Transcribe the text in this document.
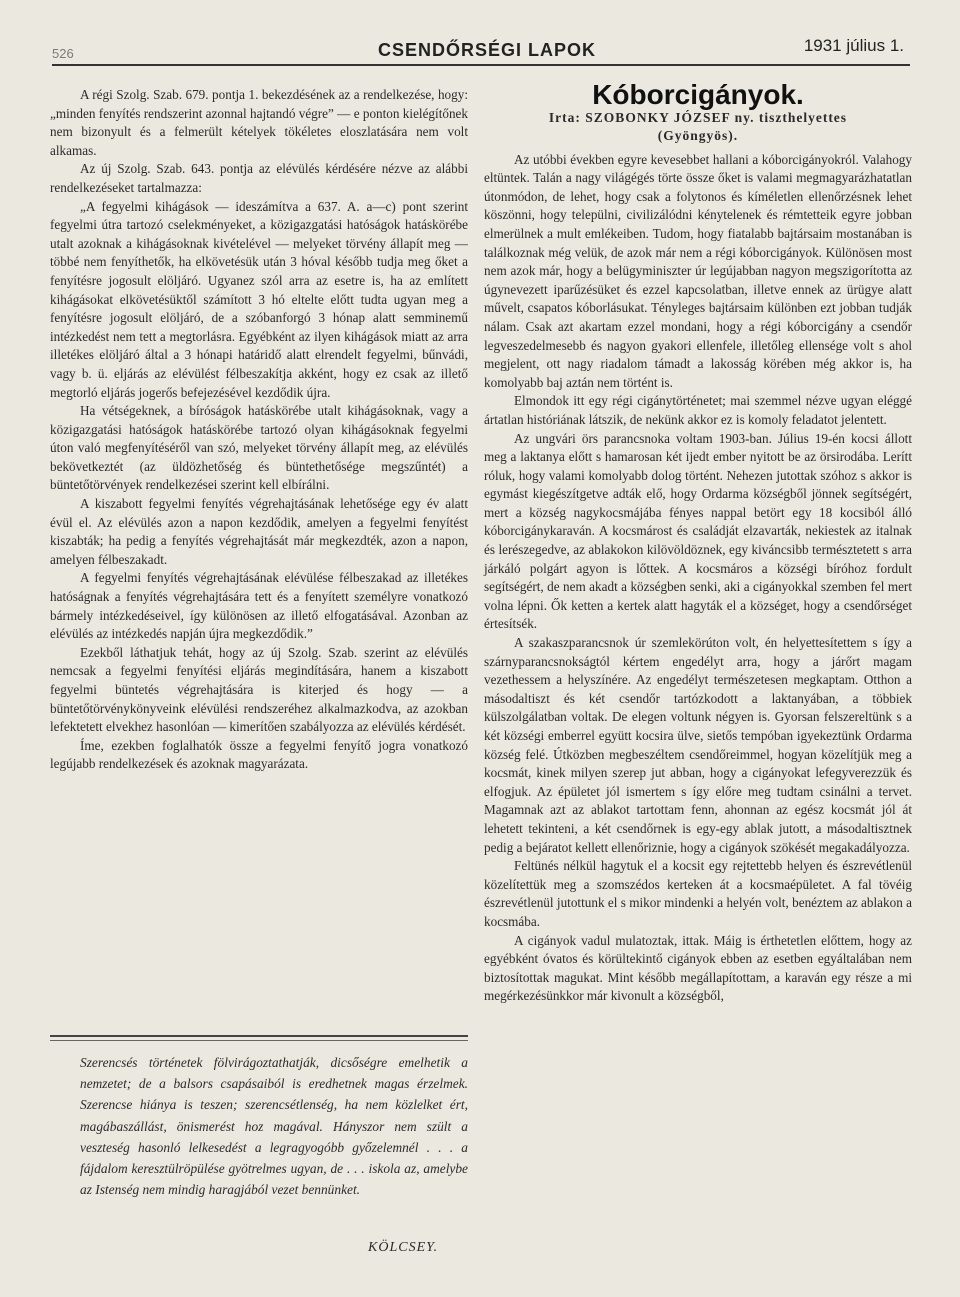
526	CSENDŐRSÉGI LAPOK	1931 július 1.

A régi Szolg. Szab. 679. pontja 1. bekezdésének az a rendelkezése, hogy: „minden fenyítés rendszerint azonnal hajtandó végre” — e ponton kielégítőnek nem bizonyult és a felmerült kételyek tökéletes eloszlatására nem volt alkamas.

Az új Szolg. Szab. 643. pontja az elévülés kérdésére nézve az alábbi rendelkezéseket tartalmazza:

„A fegyelmi kihágások — ideszámítva a 637. A. a—c) pont szerint fegyelmi útra tartozó cselekményeket, a közigazgatási hatóságok hatáskörébe utalt azoknak a kihágásoknak kivételével — melyeket törvény állapít meg — többé nem fenyíthetők, ha elkövetésük után 3 hóval később tudja meg őket a fenyítésre jogosult elöljáró. Ugyanez szól arra az esetre is, ha az említett kihágásokat elkövetésüktől számított 3 hó eltelte előtt tudta ugyan meg a fenyítésre jogosult elöljáró, de a szóbanforgó 3 hónap alatt semminemű intézkedést nem tett a megtorlásra. Egyébként az ilyen kihágások miatt az arra illetékes elöljáró által a 3 hónapi határidő alatt elrendelt fegyelmi, bűnvádi, vagy b. ü. eljárás az elévülést félbeszakítja akként, hogy ez csak az illető megtorló eljárás jogerős befejezésével kezdődik újra.

Ha vétségeknek, a bíróságok hatáskörébe utalt kihágásoknak, vagy a közigazgatási hatóságok hatáskörébe tartozó olyan kihágásoknak fegyelmi úton való megfenyítéséről van szó, melyeket törvény állapít meg, az elévülés bekövetkeztét (az üldözhetőség és büntethetősége megszűntét) a büntetőtörvények rendelkezései szerint kell elbírálni.

A kiszabott fegyelmi fenyítés végrehajtásának lehetősége egy év alatt évül el. Az elévülés azon a napon kezdődik, amelyen a fegyelmi fenyítést kiszabták; ha pedig a fenyítés végrehajtását már megkezdték, azon a napon, amelyen félbeszakadt.

A fegyelmi fenyítés végrehajtásának elévülése félbeszakad az illetékes hatóságnak a fenyítés végrehajtására tett és a fenyített személyre vonatkozó bármely intézkedéseivel, így különösen az illető elfogatásával. Azonban az elévülés az intézkedés napján újra megkezdődik.”

Ezekből láthatjuk tehát, hogy az új Szolg. Szab. szerint az elévülés nemcsak a fegyelmi fenyítési eljárás megindítására, hanem a kiszabott fegyelmi büntetés végrehajtására is kiterjed és hogy — a büntetőtörvénykönyveink elévülési rendszeréhez alkalmazkodva, az azokban lefektetett elvekhez hasonlóan — kimerítően szabályozza az elévülés kérdését.

Íme, ezekben foglalhatók össze a fegyelmi fenyítő jogra vonatkozó legújabb rendelkezések és azoknak magyarázata.

Szerencsés történetek fölvirágoztathatják, dicsőségre emelhetik a nemzetet; de a balsors csapásaiból is eredhetnek magas érzelmek. Szerencse hiánya is teszen; szerencsétlenség, ha nem közlelket ért, magábaszállást, önismerést hoz magával. Hányszor nem szült a veszteség hasonló lelkesedést a legragyogóbb győzelemnél . . . a fájdalom keresztülröpülése gyötrelmes ugyan, de . . . iskola az, amelybe az Istenség nem mindig haragjából vezet bennünket.
KÖLCSEY.
Kóborcigányok.
Irta: SZOBONKY JÓZSEF ny. tiszthelyettes
(Gyöngyös).

Az utóbbi években egyre kevesebbet hallani a kóborcigányokról. Valahogy eltüntek. Talán a nagy világégés törte össze őket is valami megmagyarázhatatlan útonmódon, de lehet, hogy csak a folytonos és kíméletlen ellenőrzésnek lehet köszönni, hogy települni, civilizálódni kénytelenek és rémtetteik egyre jobban elmerülnek a mult emlékeiben. Tudom, hogy fiatalabb bajtársaim mostanában is találkoznak még velük, de azok már nem a régi kóborcigányok. Különösen most nem azok már, hogy a belügyminiszter úr legújabban nagyon megszigorította az úgynevezett iparűzésüket és ezzel kapcsolatban, illetve ennek az ürügye alatt művelt, csapatos kóborlásukat. Tényleges bajtársaim különben ezt jobban tudják nálam. Csak azt akartam ezzel mondani, hogy a régi kóborcigány a csendőr legveszedelmesebb és nagyon gyakori ellenfele, illetőleg ellensége volt s ahol megjelent, ott nagy riadalom támadt a lakosság körében még akkor is, ha komolyabb baj aztán nem történt is.

Elmondok itt egy régi cigánytörténetet; mai szemmel nézve ugyan eléggé ártatlan históriának látszik, de nekünk akkor ez is komoly feladatot jelentett.

Az ungvári örs parancsnoka voltam 1903-ban. Július 19-én kocsi állott meg a laktanya előtt s hamarosan két ijedt ember nyitott be az örsirodába. Lerítt róluk, hogy valami komolyabb dolog történt. Nehezen jutottak szóhoz s akkor is egymást kiegészítgetve adták elő, hogy Ordarma községből jönnek segítségért, mert a község nagykocsmájába fényes nappal betört egy 18 kocsiból álló kóborcigánykaraván. A kocsmárost és családját elzavarták, nekiestek az italnak és lerészegedve, az ablakokon kilövöldöznek, egy kiváncsibb természtetett s arra járkáló polgárt agyon is lőttek. A kocsmáros a községi bíróhoz fordult segítségért, de nem akadt a községben senki, aki a cigányokkal szemben fel mert volna lépni. Ők ketten a kertek alatt hagyták el a községet, hogy a csendőrséget értesítsék.

A szakaszparancsnok úr szemlekörúton volt, én helyettesítettem s így a szárnyparancsnokságtól kértem engedélyt arra, hogy a járőrt magam vezethessem a helyszínére. Az engedélyt természetesen megkaptam. Otthon a másodaltiszt és két csendőr tartózkodott a laktanyában, a többiek külszolgálatban voltak. De elegen voltunk négyen is. Gyorsan felszereltünk s a két községi emberrel együtt kocsira ülve, sietős tempóban igyekeztünk Ordarma község felé. Útközben megbeszéltem csendőreimmel, hogyan közelítjük meg a kocsmát, kinek milyen szerep jut abban, hogy a cigányokat lefegyverezzük és elfogjuk. Az épületet jól ismertem s így előre meg tudtam csinálni a tervet. Magamnak azt az ablakot tartottam fenn, ahonnan az egész kocsmát jól át lehetett tekinteni, a két csendőrnek is egy-egy ablak jutott, a másodaltisztnek pedig a bejáratot kellett ellenőriznie, hogy a cigányok szökését megakadályozza.

Feltünés nélkül hagytuk el a kocsit egy rejtettebb helyen és észrevétlenül közelítettük meg a szomszédos kerteken át a kocsmaépületet. A fal tövéig észrevétlenül jutottunk el s mikor mindenki a helyén volt, benéztem az ablakon a kocsmába.

A cigányok vadul mulatoztak, ittak. Máig is érthetetlen előttem, hogy az egyébként óvatos és körültekintő cigányok ebben az esetben egyáltalában nem biztosítottak magukat. Mint később megállapítottam, a karaván egy része a mi megérkezésünkkor már kivonult a községből,
